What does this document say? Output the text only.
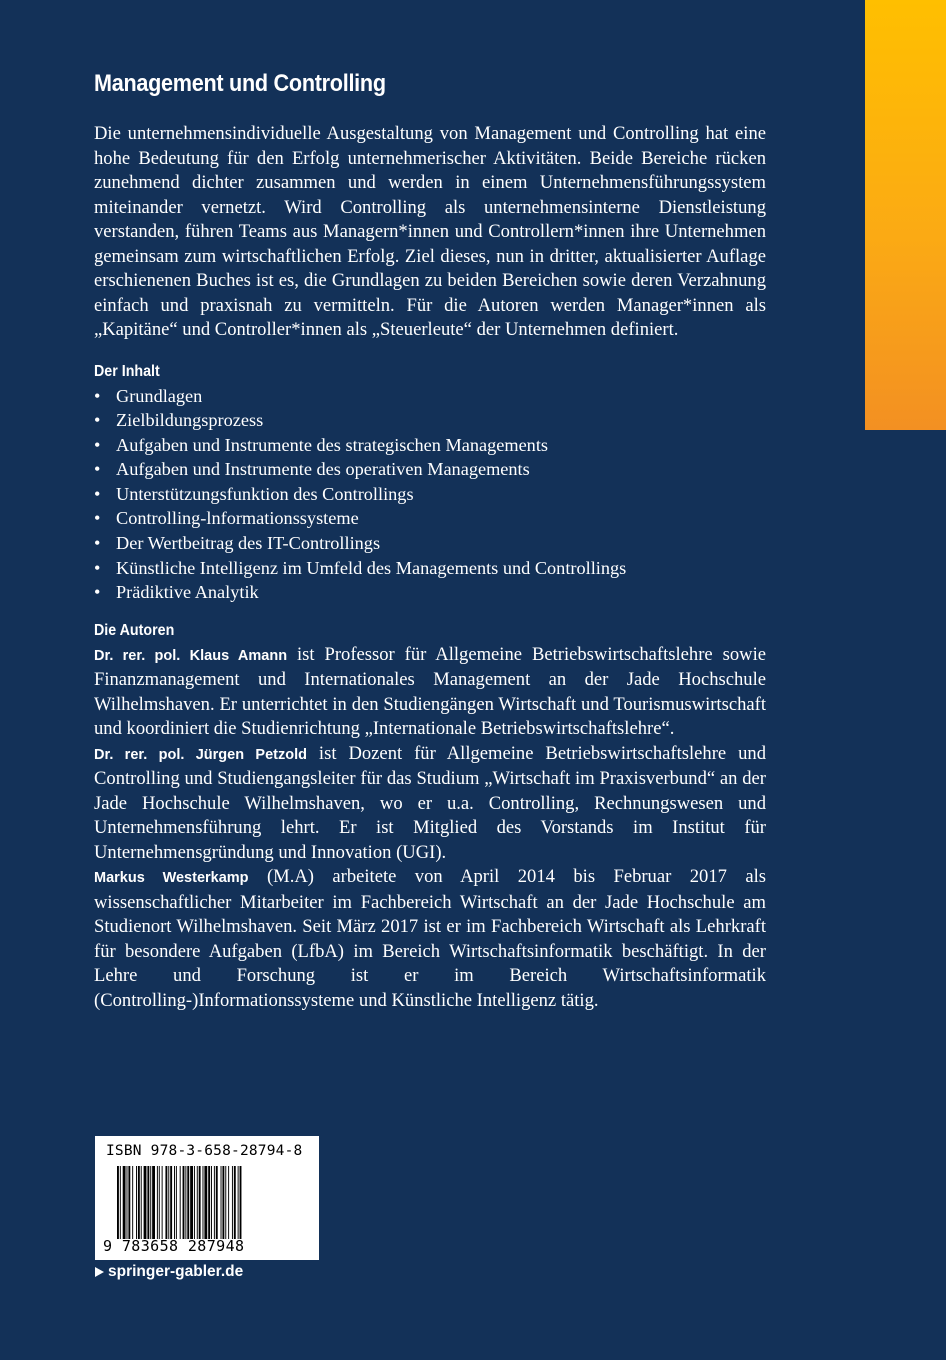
Management und Controlling

Die unternehmensindividuelle Ausgestaltung von Management und Controlling hat eine hohe Bedeutung für den Erfolg unternehmerischer Aktivitäten. Beide Bereiche rücken zunehmend dichter zusammen und werden in einem Unternehmensführungssystem miteinander vernetzt. Wird Controlling als unternehmensinterne Dienstleistung verstanden, führen Teams aus Managern*innen und Controllern*innen ihre Unternehmen gemeinsam zum wirtschaftlichen Erfolg. Ziel dieses, nun in dritter, aktualisierter Auflage erschienenen Buches ist es, die Grundlagen zu beiden Bereichen sowie deren Verzahnung einfach und praxisnah zu vermitteln. Für die Autoren werden Manager*innen als „Kapitäne“ und Controller*innen als „Steuerleute“ der Unternehmen definiert.

Der Inhalt
• Grundlagen
• Zielbildungsprozess
• Aufgaben und Instrumente des strategischen Managements
• Aufgaben und Instrumente des operativen Managements
• Unterstützungsfunktion des Controllings
• Controlling-lnformationssysteme
• Der Wertbeitrag des IT-Controllings
• Künstliche Intelligenz im Umfeld des Managements und Controllings
• Prädiktive Analytik
Die Autoren

Dr. rer. pol. Klaus Amann ist Professor für Allgemeine Betriebswirtschaftslehre sowie Finanzmanagement und Internationales Management an der Jade Hochschule Wilhelmshaven. Er unterrichtet in den Studiengängen Wirtschaft und Tourismuswirtschaft und koordiniert die Studienrichtung „Internationale Betriebswirtschaftslehre“.

Dr. rer. pol. Jürgen Petzold ist Dozent für Allgemeine Betriebswirtschaftslehre und Controlling und Studiengangsleiter für das Studium „Wirtschaft im Praxisverbund“ an der Jade Hochschule Wilhelmshaven, wo er u.a. Controlling, Rechnungswesen und Unternehmensführung lehrt. Er ist Mitglied des Vorstands im Institut für Unternehmensgründung und Innovation (UGI).

Markus Westerkamp (M.A) arbeitete von April 2014 bis Februar 2017 als wissenschaftlicher Mitarbeiter im Fachbereich Wirtschaft an der Jade Hochschule am Studienort Wilhelmshaven. Seit März 2017 ist er im Fachbereich Wirtschaft als Lehrkraft für besondere Aufgaben (LfbA) im Bereich Wirtschaftsinformatik beschäftigt. In der Lehre und Forschung ist er im Bereich Wirtschaftsinformatik (Controlling-)Informationssysteme und Künstliche Intelligenz tätig.

ISBN 978-3-658-28794-8
9 783658 287948
springer-gabler.de
